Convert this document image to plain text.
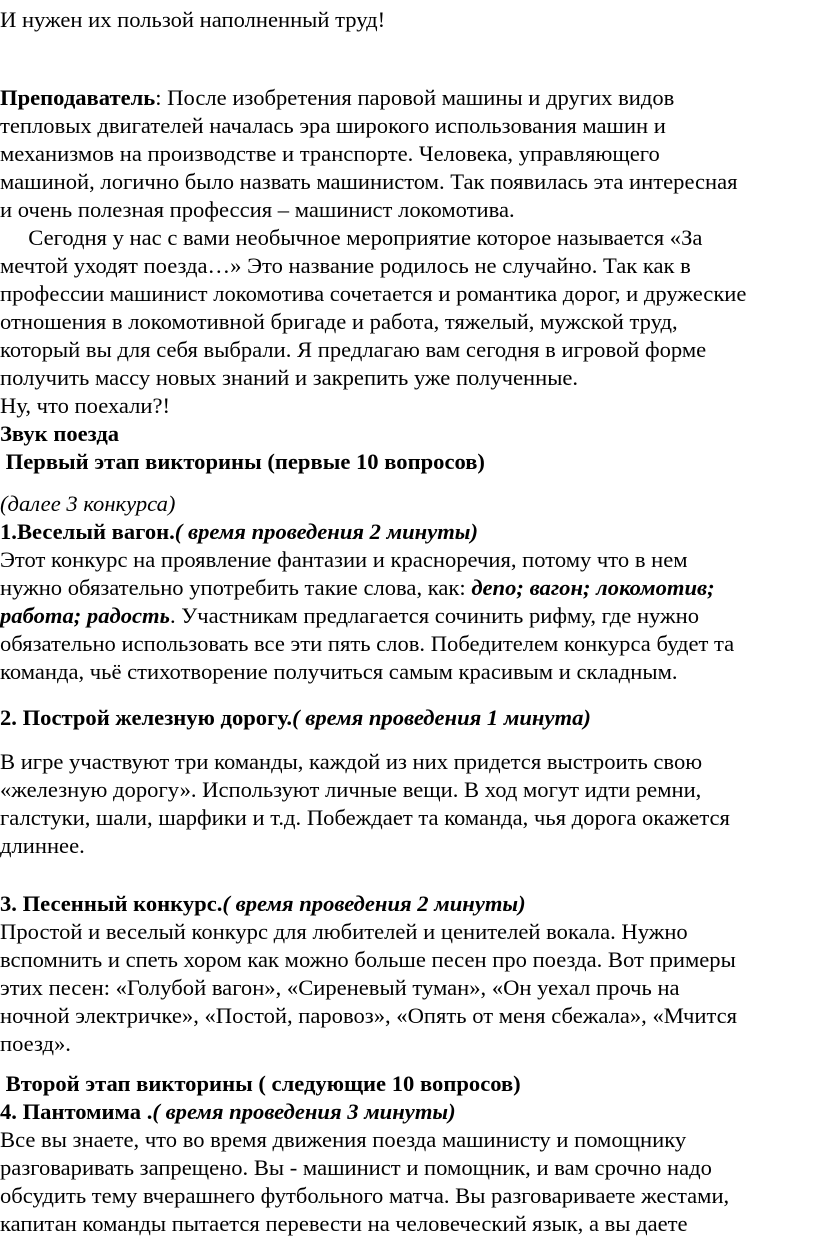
И нужен их пользой наполненный труд!

Преподаватель: После изобретения паровой машины и других видов

тепловых двигателей началась эра широкого использования машин и

механизмов на производстве и транспорте. Человека, управляющего

машиной, логично было назвать машинистом. Так появилась эта интересная

и очень полезная профессия – машинист локомотива.

Сегодня у нас с вами необычное мероприятие которое называется «За

мечтой уходят поезда…» Это название родилось не случайно. Так как в

профессии машинист локомотива сочетается и романтика дорог, и дружеские

отношения в локомотивной бригаде и работа, тяжелый, мужской труд,

который вы для себя выбрали. Я предлагаю вам сегодня в игровой форме

получить массу новых знаний и закрепить уже полученные.

Ну, что поехали?!

Звук поезда

Первый этап викторины (первые 10 вопросов)

(далее 3 конкурса)

1.Веселый вагон.( время проведения 2 минуты)

Этот конкурс на проявление фантазии и красноречия, потому что в нем

нужно обязательно употребить такие слова, как: депо; вагон; локомотив;

работа; радость. Участникам предлагается сочинить рифму, где нужно

обязательно использовать все эти пять слов. Победителем конкурса будет та

команда, чьё стихотворение получиться самым красивым и складным.

2. Построй железную дорогу.( время проведения 1 минута)

В игре участвуют три команды, каждой из них придется выстроить свою

«железную дорогу». Используют личные вещи. В ход могут идти ремни,

галстуки, шали, шарфики и т.д. Побеждает та команда, чья дорога окажется

длиннее.

3. Песенный конкурс.( время проведения 2 минуты)

Простой и веселый конкурс для любителей и ценителей вокала. Нужно

вспомнить и спеть хором как можно больше песен про поезда. Вот примеры

этих песен: «Голубой вагон», «Сиреневый туман», «Он уехал прочь на

ночной электричке», «Постой, паровоз», «Опять от меня сбежала», «Мчится

поезд».

Второй этап викторины ( следующие 10 вопросов)

4. Пантомима .( время проведения 3 минуты)

Все вы знаете, что во время движения поезда машинисту и помощнику

разговаривать запрещено. Вы - машинист и помощник, и вам срочно надо

обсудить тему вчерашнего футбольного матча. Вы разговариваете жестами,

капитан команды пытается перевести на человеческий язык, а вы даете
